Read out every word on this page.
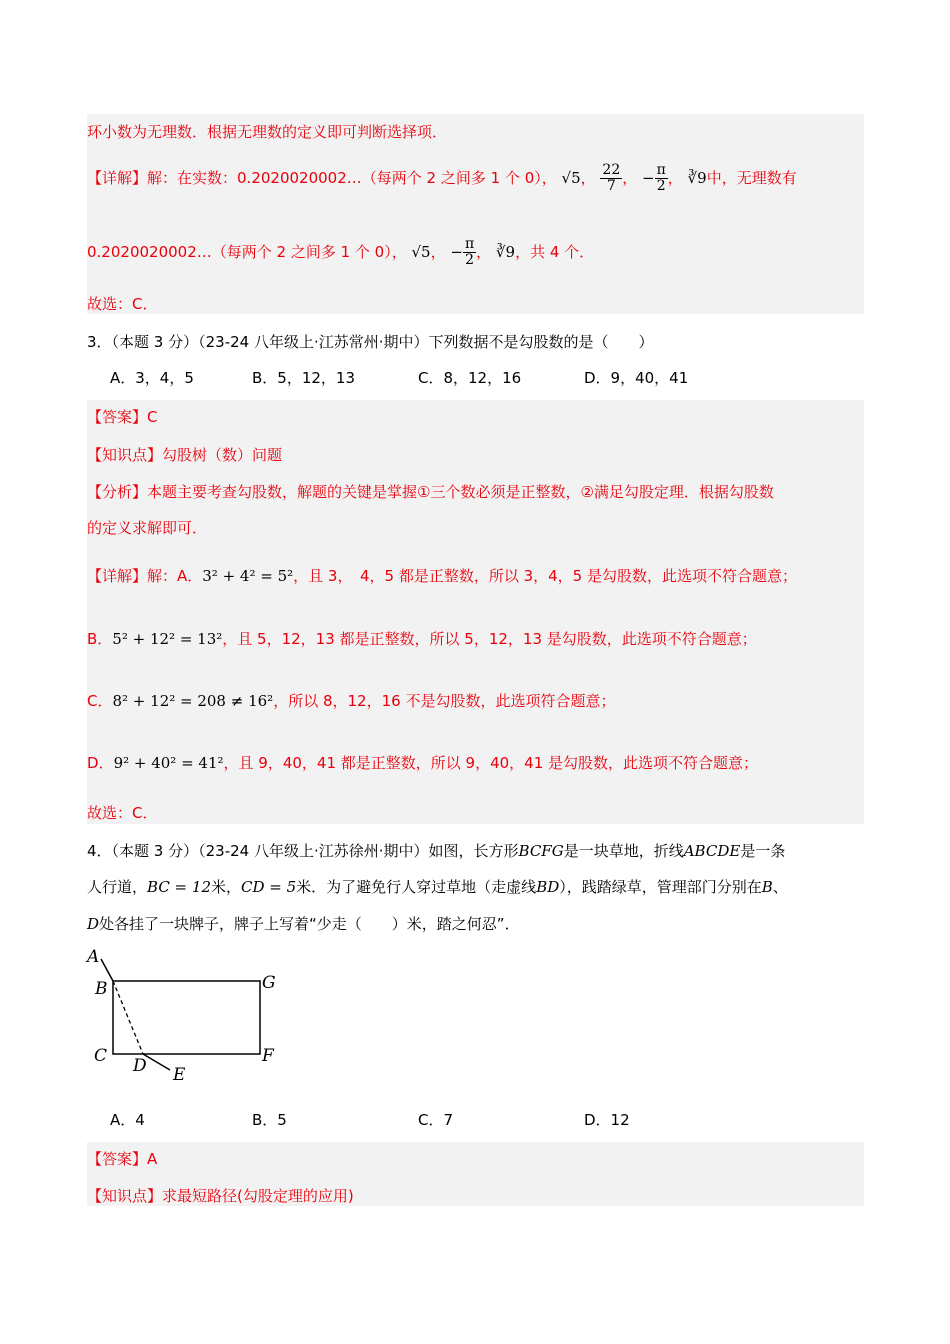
环小数为无理数．根据无理数的定义即可判断选择项．
【详解】解：在实数：0.2020020002…（每两个 2 之间多 1 个 0）， √5， $\frac{22}{7}$ ， − $\frac{\pi}{2}$ ， ∛9中，无理数有
0.2020020002…（每两个 2 之间多 1 个 0）， √5， − $\frac{\pi}{2}$ ， ∛9，共 4 个．
故选：C．
3．（本题 3 分）（23-24 八年级上·江苏常州·期中）下列数据不是勾股数的是（　　）
A．3，4，5	B．5，12，13	C．8，12，16	D．9，40，41
【答案】C
【知识点】勾股树（数）问题
【分析】本题主要考查勾股数，解题的关键是掌握①三个数必须是正整数，②满足勾股定理．根据勾股数
的定义求解即可．
【详解】解：A．3² + 4² = 5²，且 3，　4，5 都是正整数，所以 3，4，5 是勾股数，此选项不符合题意；
B．5² + 12² = 13²，且 5，12，13 都是正整数，所以 5，12，13 是勾股数，此选项不符合题意；
C．8² + 12² = 208 ≠ 16²，所以 8，12，16 不是勾股数，此选项符合题意；
D．9² + 40² = 41²，且 9，40，41 都是正整数，所以 9，40，41 是勾股数，此选项不符合题意；
故选：C．
4．（本题 3 分）（23-24 八年级上·江苏徐州·期中）如图，长方形BCFG是一块草地，折线ABCDE是一条
人行道，BC = 12米，CD = 5米．为了避免行人穿过草地（走虚线BD），践踏绿草，管理部门分别在B、
D处各挂了一块牌子，牌子上写着“少走（　　）米，踏之何忍”．
A
B	G
C D E
F
A．4	B．5	C．7	D．12
【答案】A
【知识点】求最短路径(勾股定理的应用)
